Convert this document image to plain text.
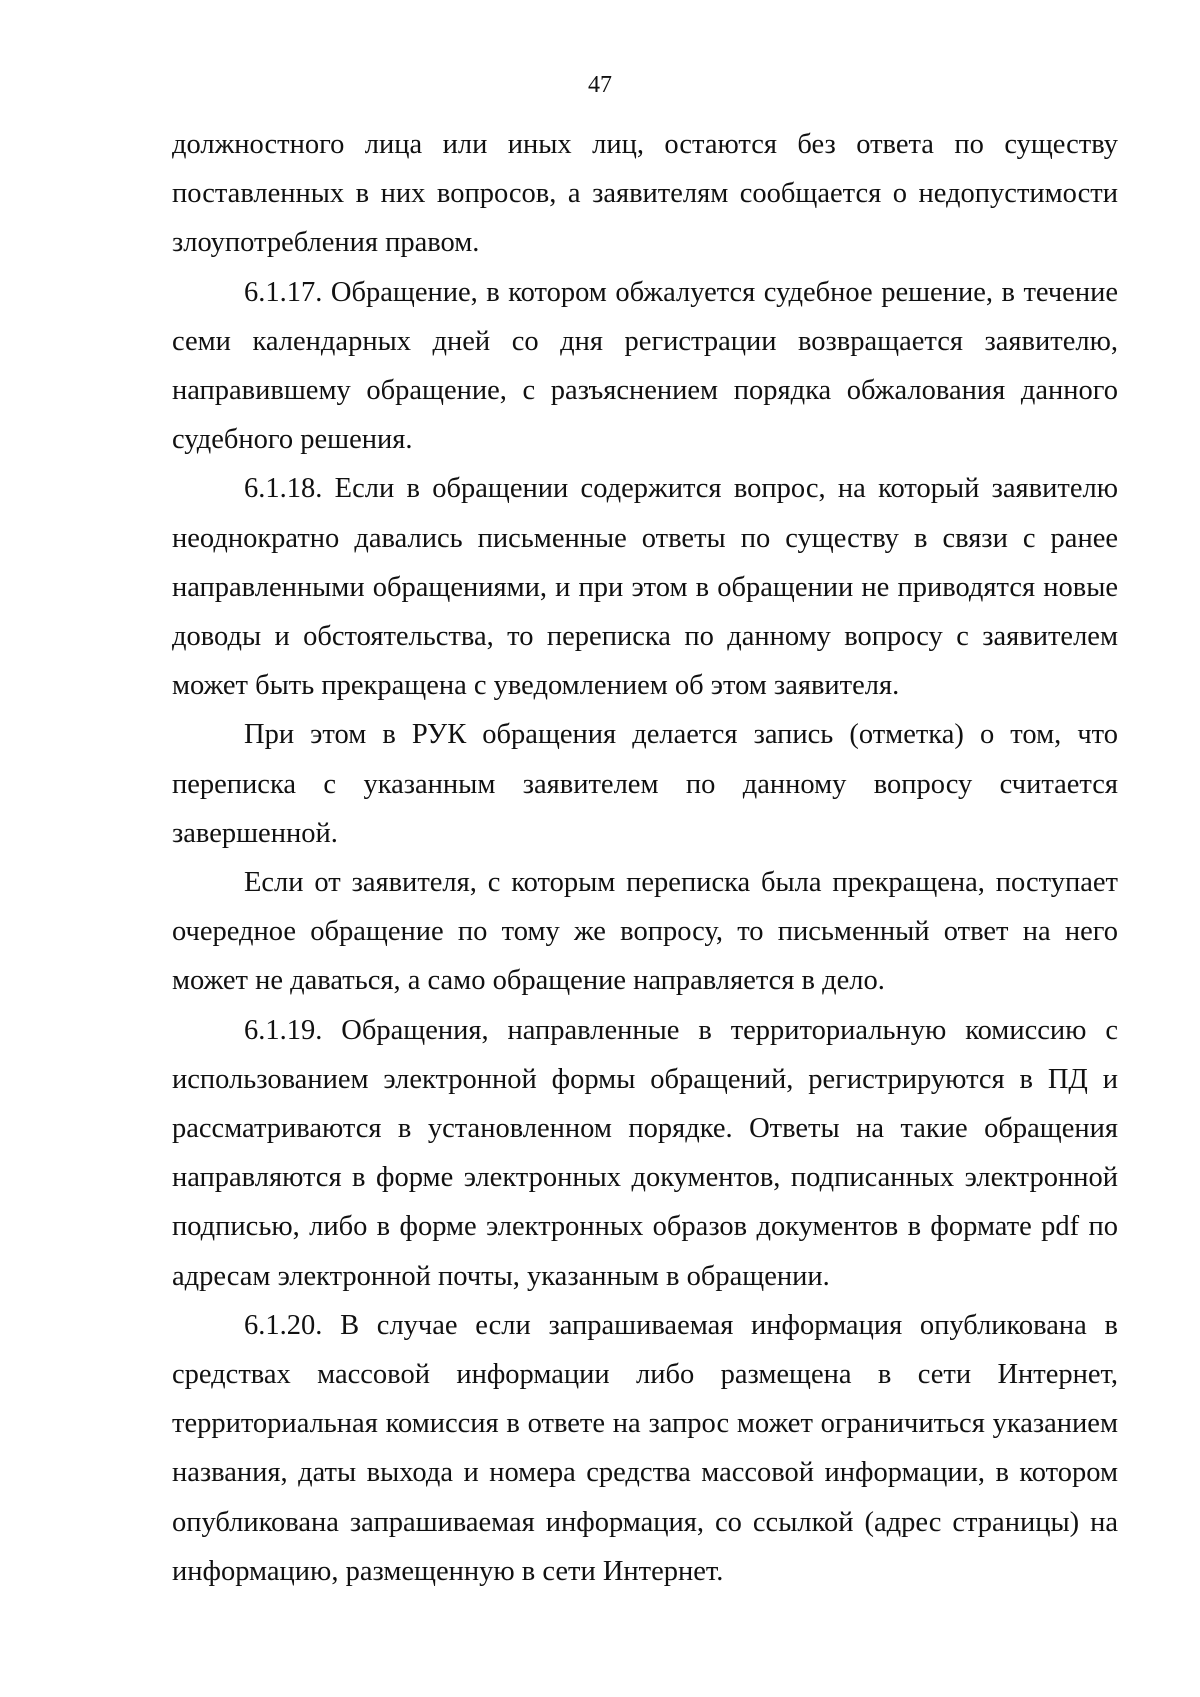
47

должностного лица или иных лиц, остаются без ответа по существу поставленных в них вопросов, а заявителям сообщается о недопустимости злоупотребления правом.

6.1.17. Обращение, в котором обжалуется судебное решение, в течение семи календарных дней со дня регистрации возвращается заявителю, направившему обращение, с разъяснением порядка обжалования данного судебного решения.

6.1.18. Если в обращении содержится вопрос, на который заявителю неоднократно давались письменные ответы по существу в связи с ранее направленными обращениями, и при этом в обращении не приводятся новые доводы и обстоятельства, то переписка по данному вопросу с заявителем может быть прекращена с уведомлением об этом заявителя.

При этом в РУК обращения делается запись (отметка) о том, что переписка с указанным заявителем по данному вопросу считается завершенной.

Если от заявителя, с которым переписка была прекращена, поступает очередное обращение по тому же вопросу, то письменный ответ на него может не даваться, а само обращение направляется в дело.

6.1.19. Обращения, направленные в территориальную комиссию с использованием электронной формы обращений, регистрируются в ПД и рассматриваются в установленном порядке. Ответы на такие обращения направляются в форме электронных документов, подписанных электронной подписью, либо в форме электронных образов документов в формате pdf по адресам электронной почты, указанным в обращении.

6.1.20. В случае если запрашиваемая информация опубликована в средствах массовой информации либо размещена в сети Интернет, территориальная комиссия в ответе на запрос может ограничиться указанием названия, даты выхода и номера средства массовой информации, в котором опубликована запрашиваемая информация, со ссылкой (адрес страницы) на информацию, размещенную в сети Интернет.
